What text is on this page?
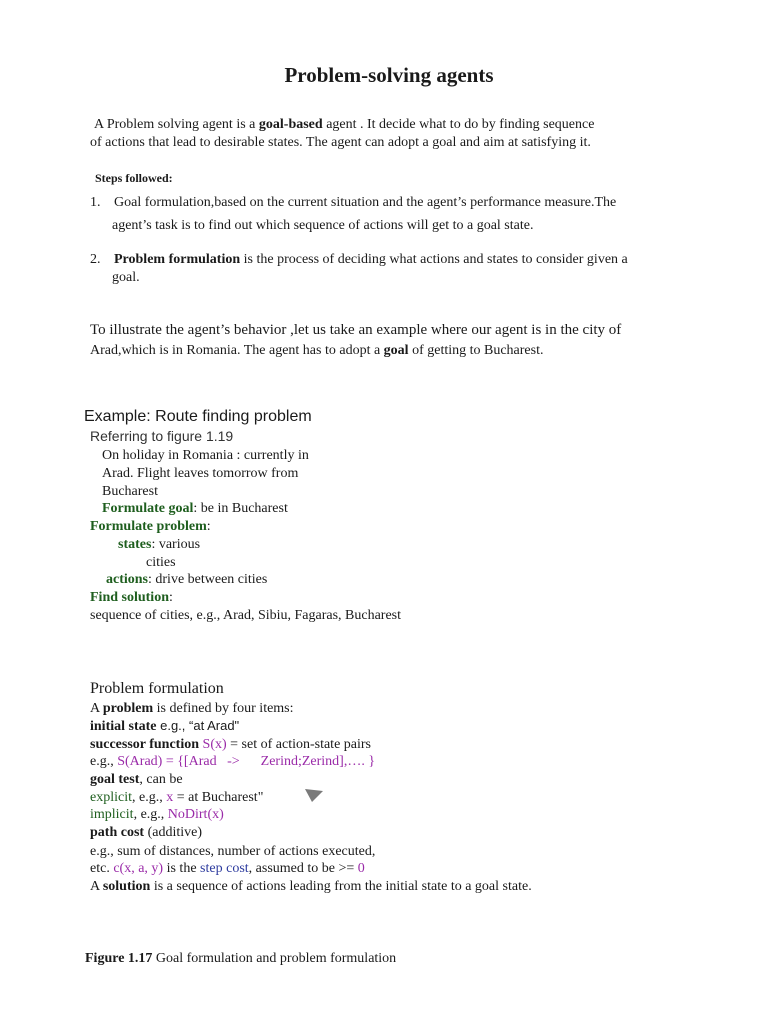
Problem-solving agents
A Problem solving agent is a goal-based agent . It decide what to do by finding sequence
of actions that lead to desirable states. The agent can adopt a goal and aim at satisfying it.
Steps followed:
1. Goal formulation,based on the current situation and the agent’s performance measure.The
agent’s task is to find out which sequence of actions will get to a goal state.
2. Problem formulation is the process of deciding what actions and states to consider given a
goal.
To illustrate the agent’s behavior ,let us take an example where our agent is in the city of
Arad,which is in Romania. The agent has to adopt a goal of getting to Bucharest.
Example: Route finding problem
Referring to figure 1.19
On holiday in Romania : currently in
Arad. Flight leaves tomorrow from
Bucharest
Formulate goal: be in Bucharest
Formulate problem:
states: various
cities
actions: drive between cities
Find solution:
sequence of cities, e.g., Arad, Sibiu, Fagaras, Bucharest
Problem formulation
A problem is defined by four items:
initial state e.g., “at Arad"
successor function S(x) = set of action-state pairs
e.g., S(Arad) = {[Arad   ->      Zerind;Zerind],…. }
goal test, can be
explicit, e.g., x = at Bucharest"
implicit, e.g., NoDirt(x)
path cost (additive)
e.g., sum of distances, number of actions executed,
etc. c(x, a, y) is the step cost, assumed to be >= 0
A solution is a sequence of actions leading from the initial state to a goal state.
Figure 1.17 Goal formulation and problem formulation
